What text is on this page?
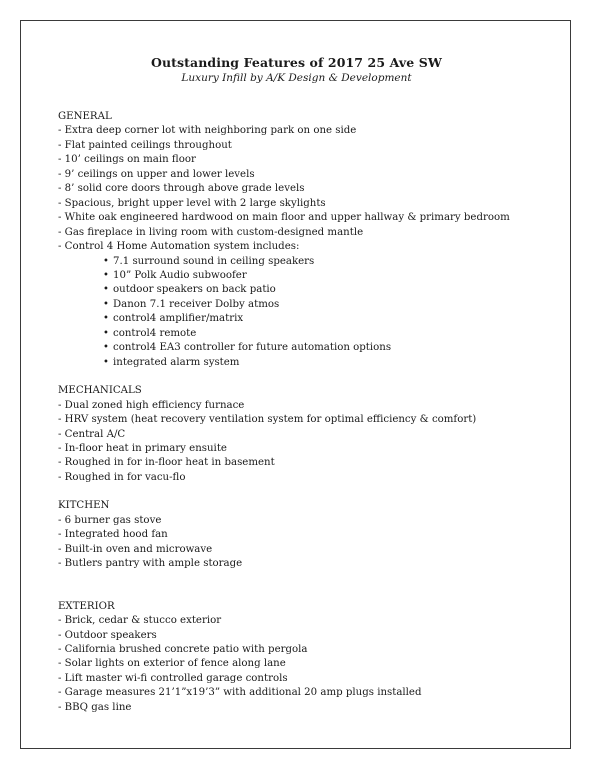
Outstanding Features of 2017 25 Ave SW
Luxury Infill by A/K Design & Development
GENERAL
- Extra deep corner lot with neighboring park on one side
- Flat painted ceilings throughout
- 10’ ceilings on main floor
- 9’ ceilings on upper and lower levels
- 8’ solid core doors through above grade levels
- Spacious, bright upper level with 2 large skylights
- White oak engineered hardwood on main floor and upper hallway & primary bedroom
- Gas fireplace in living room with custom-designed mantle
- Control 4 Home Automation system includes:
• 7.1 surround sound in ceiling speakers
• 10” Polk Audio subwoofer
• outdoor speakers on back patio
• Danon 7.1 receiver Dolby atmos
• control4 amplifier/matrix
• control4 remote
• control4 EA3 controller for future automation options
• integrated alarm system
MECHANICALS
- Dual zoned high efficiency furnace
- HRV system (heat recovery ventilation system for optimal efficiency & comfort)
- Central A/C
- In-floor heat in primary ensuite
- Roughed in for in-floor heat in basement
- Roughed in for vacu-flo
KITCHEN
- 6 burner gas stove
- Integrated hood fan
- Built-in oven and microwave
- Butlers pantry with ample storage
EXTERIOR
- Brick, cedar & stucco exterior
- Outdoor speakers
- California brushed concrete patio with pergola
- Solar lights on exterior of fence along lane
- Lift master wi-fi controlled garage controls
- Garage measures 21’1”x19’3” with additional 20 amp plugs installed
- BBQ gas line
